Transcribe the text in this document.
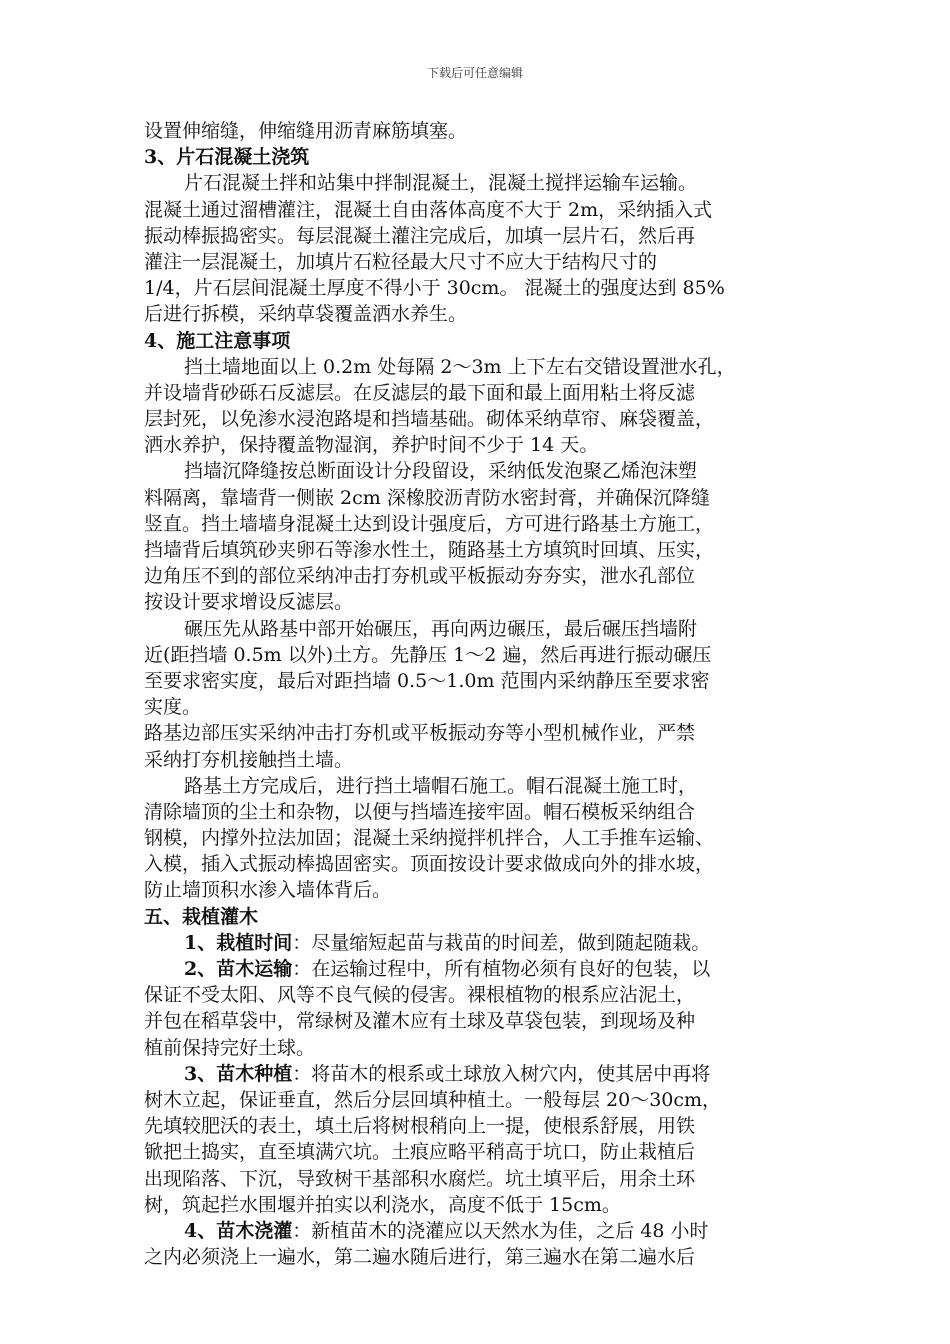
下载后可任意编辑
设置伸缩缝，伸缩缝用沥青麻筋填塞。
3、片石混凝土浇筑
片石混凝土拌和站集中拌制混凝土，混凝土搅拌运输车运输。
混凝土通过溜槽灌注，混凝土自由落体高度不大于 2m，采纳插入式
振动棒振捣密实。每层混凝土灌注完成后，加填一层片石，然后再
灌注一层混凝土，加填片石粒径最大尺寸不应大于结构尺寸的
1/4，片石层间混凝土厚度不得小于 30cm。 混凝土的强度达到 85%
后进行拆模，采纳草袋覆盖洒水养生。
4、施工注意事项
挡土墙地面以上 0.2m 处每隔 2～3m 上下左右交错设置泄水孔，
并设墙背砂砾石反滤层。在反滤层的最下面和最上面用粘土将反滤
层封死，以免渗水浸泡路堤和挡墙基础。砌体采纳草帘、麻袋覆盖，
洒水养护，保持覆盖物湿润，养护时间不少于 14 天。
挡墙沉降缝按总断面设计分段留设，采纳低发泡聚乙烯泡沫塑
料隔离，靠墙背一侧嵌 2cm 深橡胶沥青防水密封膏，并确保沉降缝
竖直。挡土墙墙身混凝土达到设计强度后，方可进行路基土方施工，
挡墙背后填筑砂夹卵石等渗水性土，随路基土方填筑时回填、压实，
边角压不到的部位采纳冲击打夯机或平板振动夯夯实，泄水孔部位
按设计要求增设反滤层。
碾压先从路基中部开始碾压，再向两边碾压，最后碾压挡墙附
近(距挡墙 0.5m 以外)土方。先静压 1～2 遍，然后再进行振动碾压
至要求密实度，最后对距挡墙 0.5～1.0m 范围内采纳静压至要求密
实度。
路基边部压实采纳冲击打夯机或平板振动夯等小型机械作业，严禁
采纳打夯机接触挡土墙。
路基土方完成后，进行挡土墙帽石施工。帽石混凝土施工时，
清除墙顶的尘土和杂物，以便与挡墙连接牢固。帽石模板采纳组合
钢模，内撑外拉法加固；混凝土采纳搅拌机拌合，人工手推车运输、
入模，插入式振动棒捣固密实。顶面按设计要求做成向外的排水坡，
防止墙顶积水渗入墙体背后。
五、栽植灌木
1、栽植时间：尽量缩短起苗与栽苗的时间差，做到随起随栽。
2、苗木运输：在运输过程中，所有植物必须有良好的包装，以
保证不受太阳、风等不良气候的侵害。裸根植物的根系应沾泥土，
并包在稻草袋中，常绿树及灌木应有土球及草袋包装，到现场及种
植前保持完好土球。
3、苗木种植：将苗木的根系或土球放入树穴内，使其居中再将
树木立起，保证垂直，然后分层回填种植土。一般每层 20～30cm，
先填较肥沃的表土，填土后将树根稍向上一提，使根系舒展，用铁
锨把土捣实，直至填满穴坑。土痕应略平稍高于坑口，防止栽植后
出现陷落、下沉，导致树干基部积水腐烂。坑土填平后，用余土环
树，筑起拦水围堰并拍实以利浇水，高度不低于 15cm。
4、苗木浇灌：新植苗木的浇灌应以天然水为佳，之后 48 小时
之内必须浇上一遍水，第二遍水随后进行，第三遍水在第二遍水后
